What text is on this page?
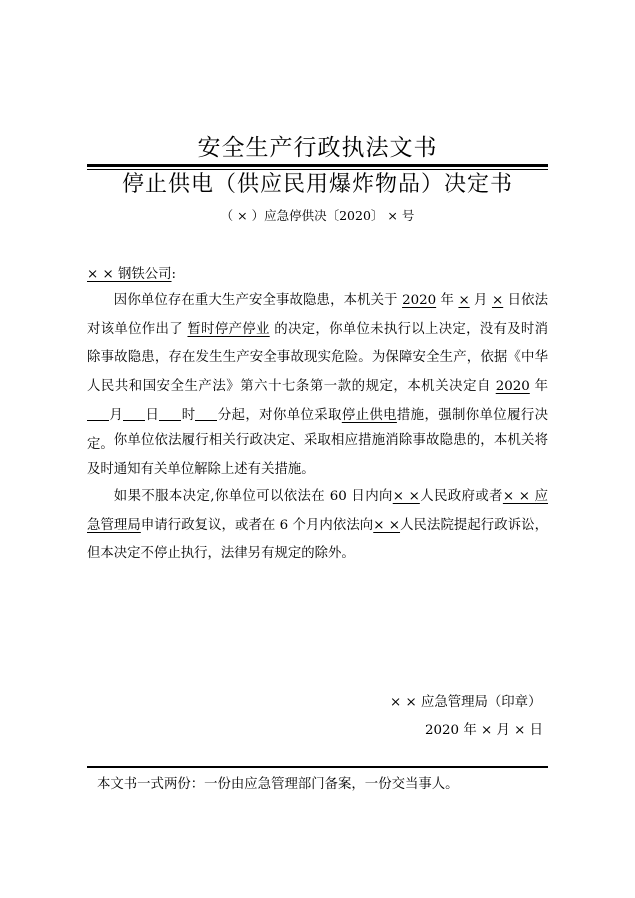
安全生产行政执法文书
停止供电（供应民用爆炸物品）决定书
（ × ）应急停供决〔2020〕 × 号
× × 钢铁公司:
因你单位存在重大生产安全事故隐患，本机关于 2020 年 × 月 × 日依法对该单位作出了 暂时停产停业 的决定，你单位未执行以上决定，没有及时消除事故隐患，存在发生生产安全事故现实危险。为保障安全生产，依据《中华人民共和国安全生产法》第六十七条第一款的规定，本机关决定自 2020 年月 日 时 分起，对你单位采取停止供电措施，强制你单位履行决定。 你单位依法履行相关行政决定、采取相应措施消除事故隐患的，本机关将及时通知有关单位解除上述有关措施。
如果不服本决定,你单位可以依法在 60 日内向× ×人民政府或者× × 应急管理局申请行政复议，或者在 6 个月内依法向× ×人民法院提起行政诉讼，但本决定不停止执行，法律另有规定的除外。
× × 应急管理局（印章）
2020 年 × 月 × 日
本文书一式两份：一份由应急管理部门备案，一份交当事人。
